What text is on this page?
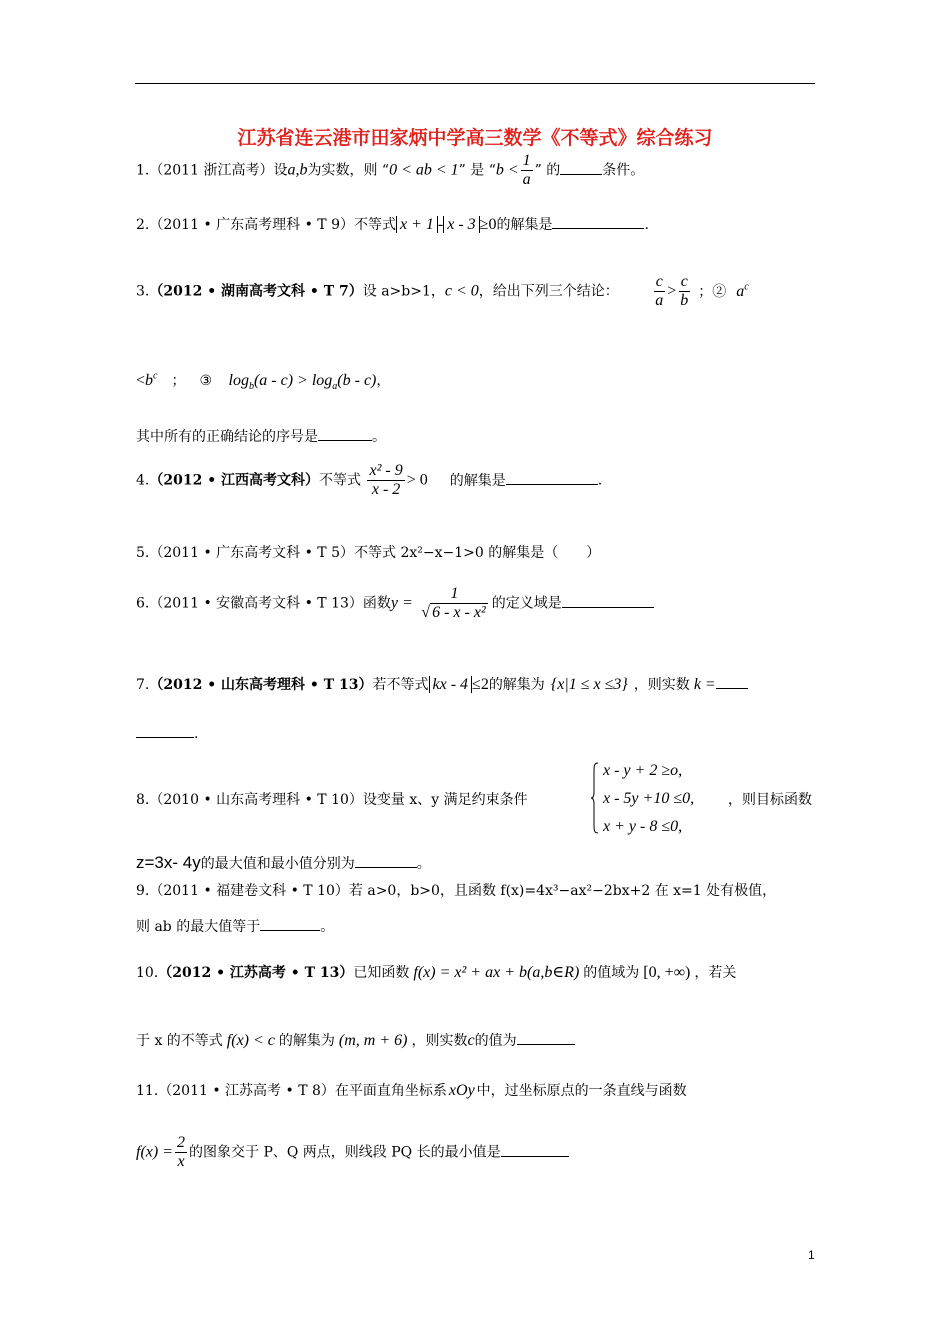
江苏省连云港市田家炳中学高三数学《不等式》综合练习
1.（2011 浙江高考）设a,b为实数，则 “0 < ab < 1” 是 “$b < \frac{1}{a}$ ” 的	条件。
2.（2011 • 广东高考理科 • T 9）不等式 x + 1 - x - 3 ≥0的解集是	.
3.（2012 • 湖南高考文科 • T 7）设 a>b>1，c < 0，给出下列三个结论： $\frac{c}{a} > \frac{c}{b}$ ；② $a^c$
$<b^c$ ； ③ $\log_b(a - c) > \log_a(b - c)$，
其中所有的正确结论的序号是	。
4.（2012 • 江西高考文科）不等式 $\frac{\text{x² - 9}}{x - 2} > 0$ 的解集是	.
5.（2011 • 广东高考文科 • T 5）不等式 2x²−x−1>0 的解集是（　　）
6.（2011 • 安徽高考文科 • T 13）函数$y = \frac{1}{\text{√ 6 - x - x²}}$ 的定义域是
7.（2012 • 山东高考理科 • T 13）若不等式 kx - 4 ≤2的解集为 {x|1 ≤ x ≤3} ，则实数 k =
.
8.（2010 • 山东高考理科 • T 10）设变量 x、y 满足约束条件
x - y + 2 ≥o,
x - 5y +10 ≤0,
x + y - 8 ≤0,
，则目标函数
z=3x- 4y的最大值和最小值分别为	。
9.（2011 • 福建卷文科 • T 10）若 a>0，b>0，且函数 f(x)=4x³−ax²−2bx+2 在 x=1 处有极值，
则 ab 的最大值等于	。
10.（2012 • 江苏高考 • T 13）已知函数 f(x) = x² + ax + b(a,b∈R) 的值域为 [0, +∞) ，若关
于 x 的不等式 f(x) < c 的解集为 (m, m + 6) ，则实数c的值为
11.（2011 • 江苏高考 • T 8）在平面直角坐标系 xOy 中，过坐标原点的一条直线与函数
$f(x) = \frac{2}{x}$ 的图象交于 P、Q 两点，则线段 PQ 长的最小值是
1
